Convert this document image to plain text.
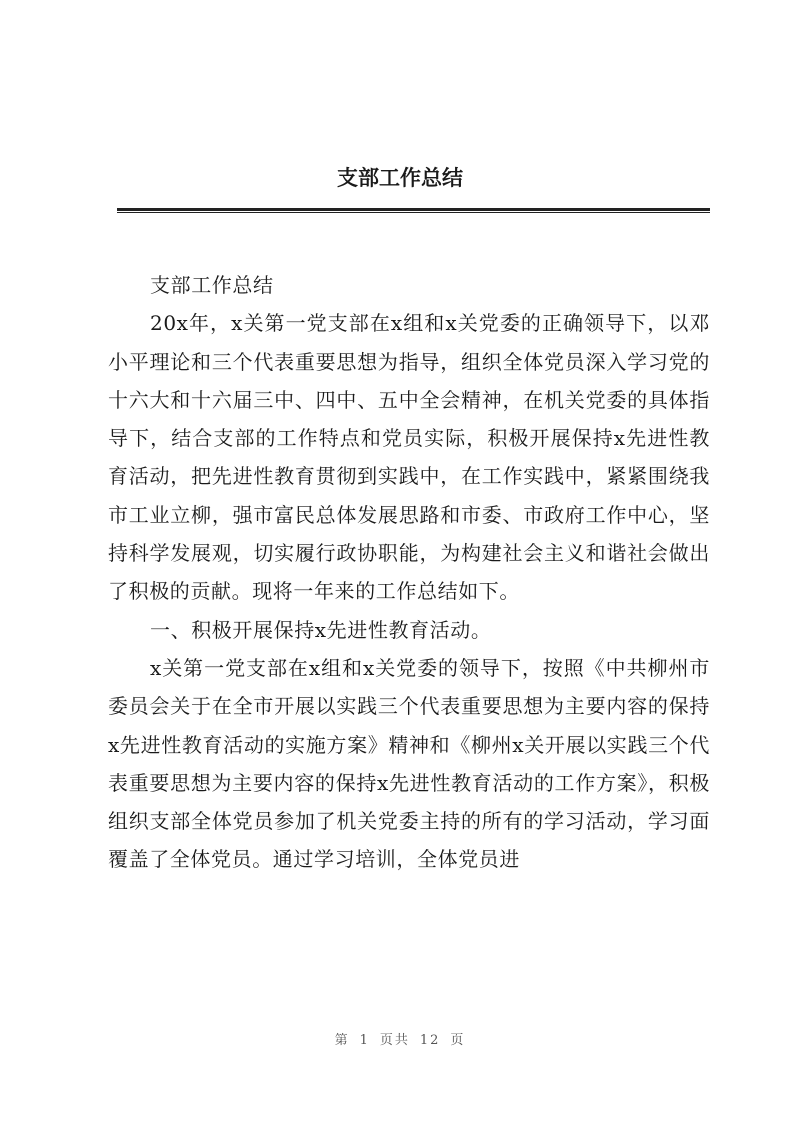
支部工作总结

支部工作总结

20x年，x关第一党支部在x组和x关党委的正确领导下，以邓小平理论和三个代表重要思想为指导，组织全体党员深入学习党的十六大和十六届三中、四中、五中全会精神，在机关党委的具体指导下，结合支部的工作特点和党员实际，积极开展保持x先进性教育活动，把先进性教育贯彻到实践中，在工作实践中，紧紧围绕我市工业立柳，强市富民总体发展思路和市委、市政府工作中心，坚持科学发展观，切实履行政协职能，为构建社会主义和谐社会做出了积极的贡献。现将一年来的工作总结如下。

一、积极开展保持x先进性教育活动。

x关第一党支部在x组和x关党委的领导下，按照《中共柳州市委员会关于在全市开展以实践三个代表重要思想为主要内容的保持x先进性教育活动的实施方案》精神和《柳州x关开展以实践三个代表重要思想为主要内容的保持x先进性教育活动的工作方案》，积极组织支部全体党员参加了机关党委主持的所有的学习活动，学习面覆盖了全体党员。通过学习培训，全体党员进

第 1 页共 12 页
